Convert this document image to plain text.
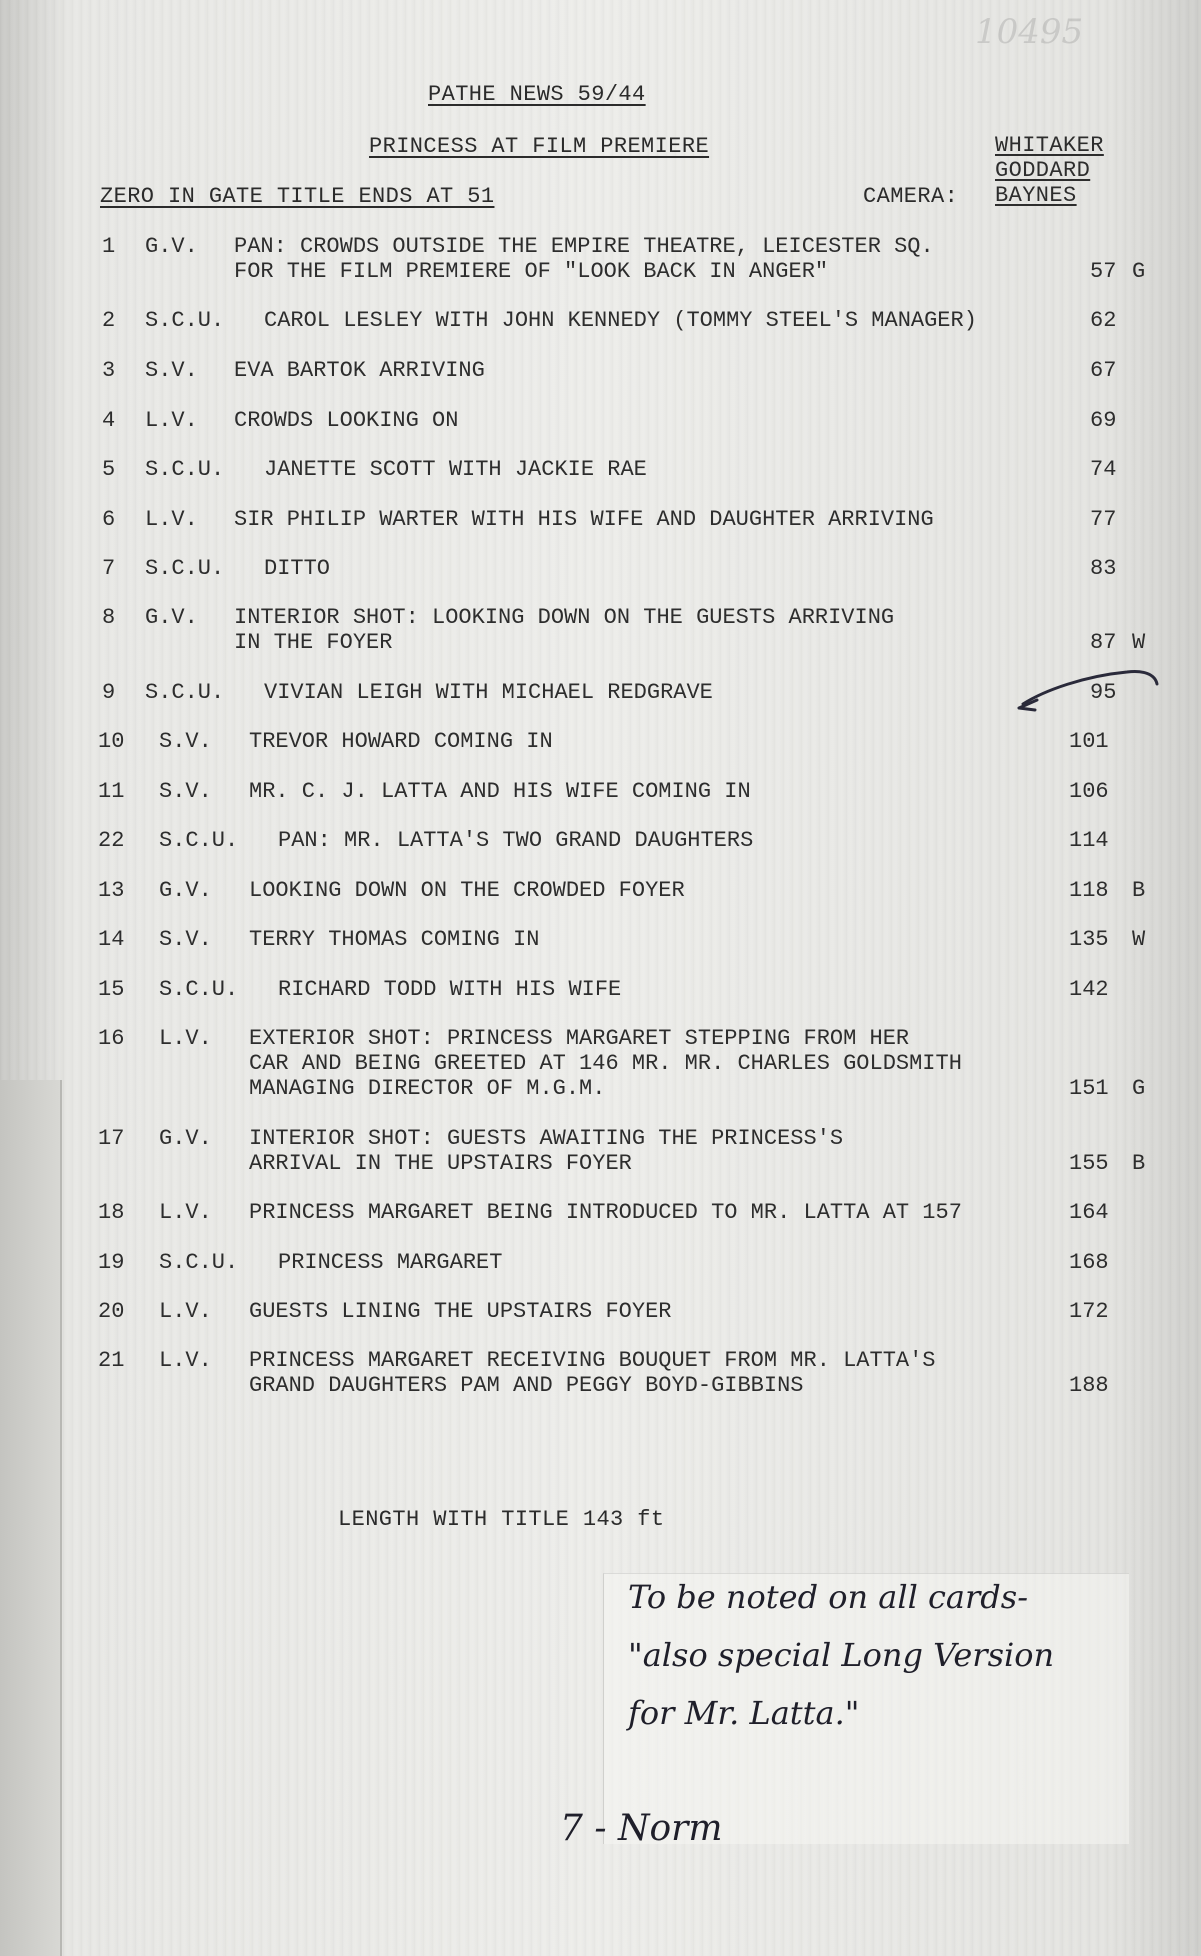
10495
PATHE NEWS 59/44
PRINCESS AT FILM PREMIERE	WHITAKER
GODDARD
BAYNES
ZERO IN GATE TITLE ENDS AT 51	CAMERA:
1 G.V. PAN: CROWDS OUTSIDE THE EMPIRE THEATRE, LEICESTER SQ.
FOR THE FILM PREMIERE OF "LOOK BACK IN ANGER"	57 G
2 S.C.U. CAROL LESLEY WITH JOHN KENNEDY (TOMMY STEEL'S MANAGER)	62
3 S.V. EVA BARTOK ARRIVING	67
4 L.V. CROWDS LOOKING ON	69
5 S.C.U. JANETTE SCOTT WITH JACKIE RAE	74
6 L.V. SIR PHILIP WARTER WITH HIS WIFE AND DAUGHTER ARRIVING	77
7 S.C.U. DITTO	83
8 G.V. INTERIOR SHOT: LOOKING DOWN ON THE GUESTS ARRIVING
IN THE FOYER	87 W
9 S.C.U. VIVIAN LEIGH WITH MICHAEL REDGRAVE	95
10 S.V. TREVOR HOWARD COMING IN	101
11 S.V. MR. C. J. LATTA AND HIS WIFE COMING IN	106
22 S.C.U. PAN: MR. LATTA'S TWO GRAND DAUGHTERS	114
13 G.V. LOOKING DOWN ON THE CROWDED FOYER	118 B
14 S.V. TERRY THOMAS COMING IN	135 W
15 S.C.U. RICHARD TODD WITH HIS WIFE	142
16 L.V. EXTERIOR SHOT: PRINCESS MARGARET STEPPING FROM HER
CAR AND BEING GREETED AT 146 MR. MR. CHARLES GOLDSMITH
MANAGING DIRECTOR OF M.G.M.	151 G
17 G.V. INTERIOR SHOT: GUESTS AWAITING THE PRINCESS'S
ARRIVAL IN THE UPSTAIRS FOYER	155 B
18 L.V. PRINCESS MARGARET BEING INTRODUCED TO MR. LATTA AT 157	164
19 S.C.U. PRINCESS MARGARET	168
20 L.V. GUESTS LINING THE UPSTAIRS FOYER	172
21 L.V. PRINCESS MARGARET RECEIVING BOUQUET FROM MR. LATTA'S
GRAND DAUGHTERS PAM AND PEGGY BOYD-GIBBINS	188
LENGTH WITH TITLE 143 ft
To be noted on all cards-
"also special Long Version
for Mr. Latta."
7 - Norm
